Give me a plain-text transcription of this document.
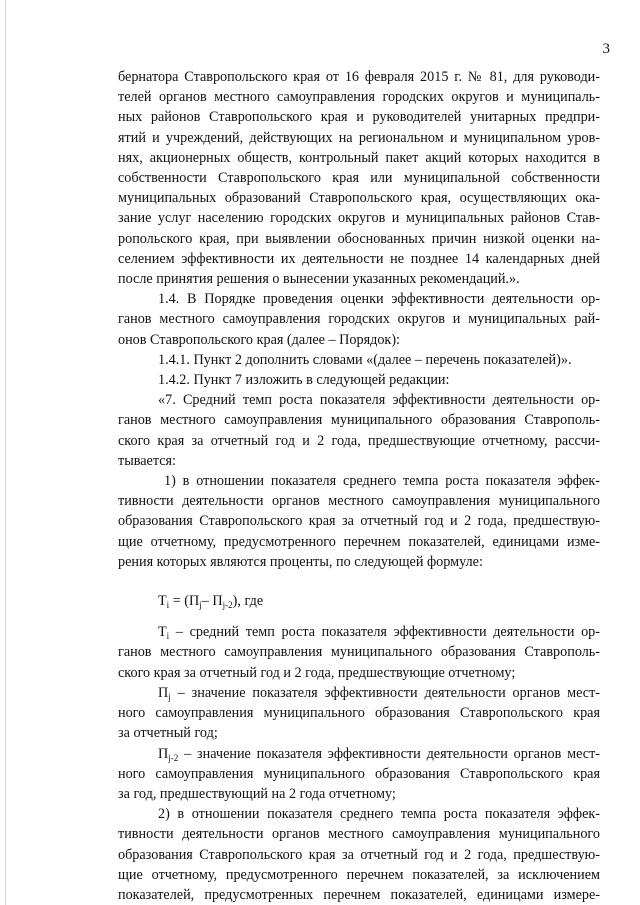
3
бернатора Ставропольского края от 16 февраля 2015 г. № 81, для руководи-
телей органов местного самоуправления городских округов и муниципаль-
ных районов Ставропольского края и руководителей унитарных предпри-
ятий и учреждений, действующих на региональном и муниципальном уров-
нях, акционерных обществ, контрольный пакет акций которых находится в
собственности Ставропольского края или муниципальной собственности
муниципальных образований Ставропольского края, осуществляющих ока-
зание услуг населению городских округов и муниципальных районов Став-
ропольского края, при выявлении обоснованных причин низкой оценки на-
селением эффективности их деятельности не позднее 14 календарных дней
после принятия решения о вынесении указанных рекомендаций.».
1.4. В Порядке проведения оценки эффективности деятельности ор-
ганов местного самоуправления городских округов и муниципальных рай-
онов Ставропольского края (далее – Порядок):
1.4.1. Пункт 2 дополнить словами «(далее – перечень показателей)».
1.4.2. Пункт 7 изложить в следующей редакции:
«7. Средний темп роста показателя эффективности деятельности ор-
ганов местного самоуправления муниципального образования Ставрополь-
ского края за отчетный год и 2 года, предшествующие отчетному, рассчи-
тывается:
1) в отношении показателя среднего темпа роста показателя эффек-
тивности деятельности органов местного самоуправления муниципального
образования Ставропольского края за отчетный год и 2 года, предшествую-
щие отчетному, предусмотренного перечнем показателей, единицами изме-
рения которых являются проценты, по следующей формуле:
$T_i = (П_j-$ $П_{j-2}$), где
$T_i$ – средний темп роста показателя эффективности деятельности ор-
ганов местного самоуправления муниципального образования Ставрополь-
ского края за отчетный год и 2 года, предшествующие отчетному;
$П_j$ – значение показателя эффективности деятельности органов мест-
ного самоуправления муниципального образования Ставропольского края
за отчетный год;
$П_{j-2}$ – значение показателя эффективности деятельности органов мест-
ного самоуправления муниципального образования Ставропольского края
за год, предшествующий на 2 года отчетному;
2) в отношении показателя среднего темпа роста показателя эффек-
тивности деятельности органов местного самоуправления муниципального
образования Ставропольского края за отчетный год и 2 года, предшествую-
щие отчетному, предусмотренного перечнем показателей, за исключением
показателей, предусмотренных перечнем показателей, единицами измере-
